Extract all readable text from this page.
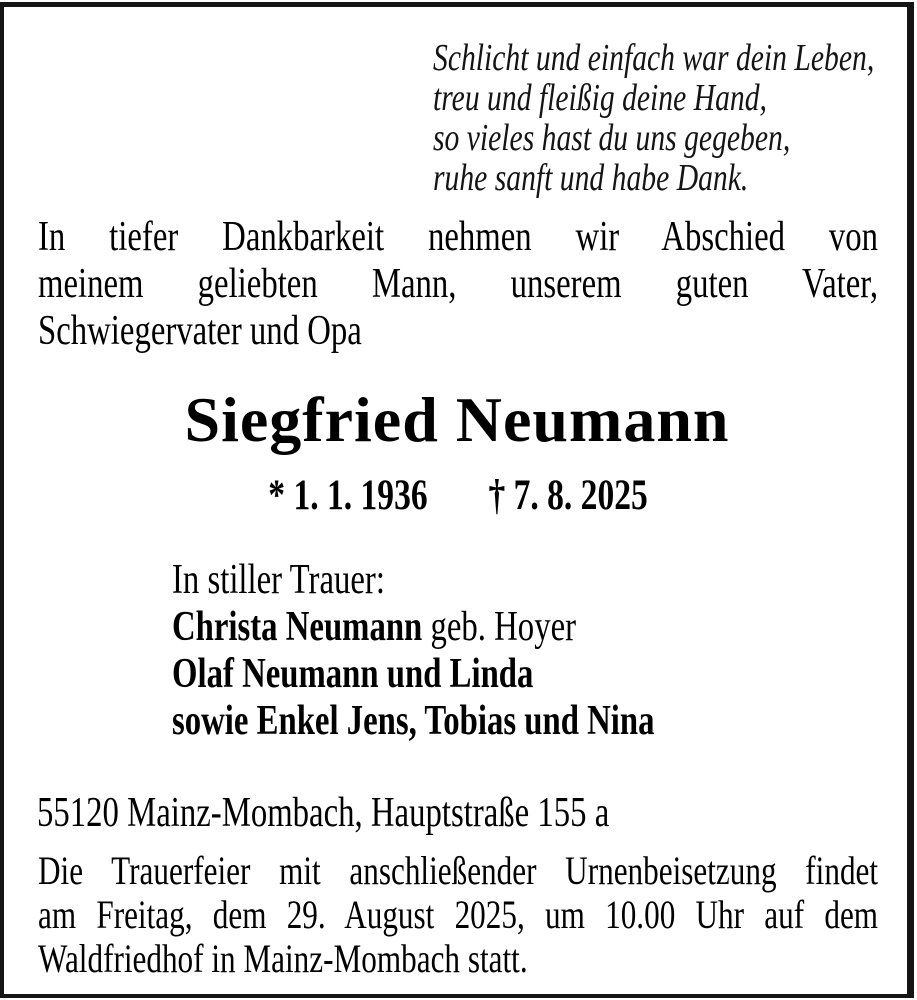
Schlicht und einfach war dein Leben,
treu und fleißig deine Hand,
so vieles hast du uns gegeben,
ruhe sanft und habe Dank.
In tiefer Dankbarkeit nehmen wir Abschied von
meinem geliebten Mann, unserem guten Vater,
Schwiegervater und Opa
Siegfried Neumann
* 1. 1. 1936 † 7. 8. 2025
In stiller Trauer:
Christa Neumann geb. Hoyer
Olaf Neumann und Linda
sowie Enkel Jens, Tobias und Nina
55120 Mainz-Mombach, Hauptstraße 155 a
Die Trauerfeier mit anschließender Urnenbeisetzung findet
am Freitag, dem 29. August 2025, um 10.00 Uhr auf dem
Waldfriedhof in Mainz-Mombach statt.
